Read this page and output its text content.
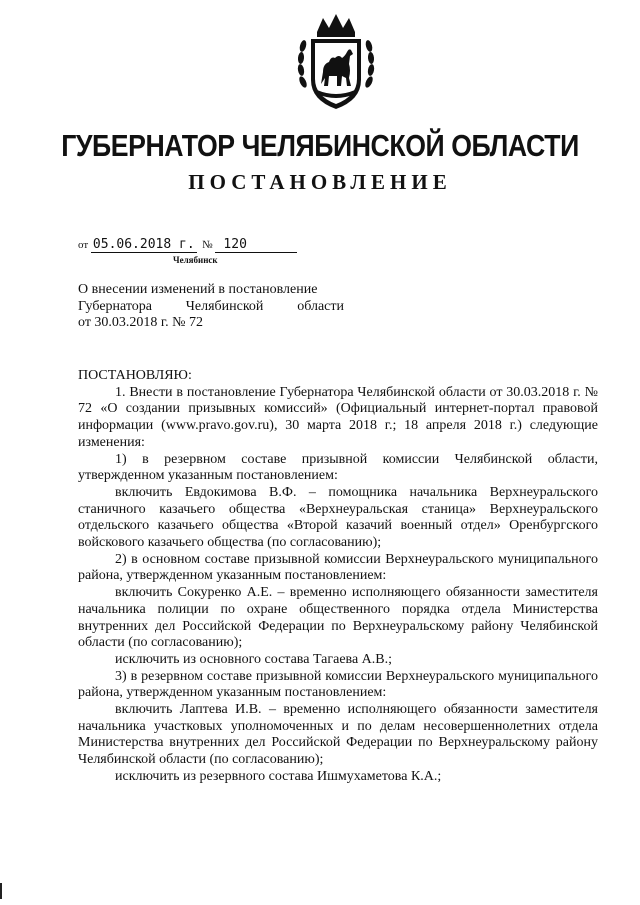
ГУБЕРНАТОР ЧЕЛЯБИНСКОЙ ОБЛАСТИ
ПОСТАНОВЛЕНИЕ
от 05.06.2018 г. № 120
Челябинск
О внесении изменений в постановление
Губернатора Челябинской области
от 30.03.2018 г. № 72

ПОСТАНОВЛЯЮ:

1. Внести в постановление Губернатора Челябинской области от 30.03.2018 г. № 72 «О создании призывных комиссий» (Официальный интернет-портал правовой информации (www.pravo.gov.ru), 30 марта 2018 г.; 18 апреля 2018 г.) следующие изменения:

1) в резервном составе призывной комиссии Челябинской области, утвержденном указанным постановлением:

включить Евдокимова В.Ф. – помощника начальника Верхнеуральского станичного казачьего общества «Верхнеуральская станица» Верхнеуральского отдельского казачьего общества «Второй казачий военный отдел» Оренбургского войскового казачьего общества (по согласованию);

2) в основном составе призывной комиссии Верхнеуральского муниципального района, утвержденном указанным постановлением:

включить Сокуренко А.Е. – временно исполняющего обязанности заместителя начальника полиции по охране общественного порядка отдела Министерства внутренних дел Российской Федерации по Верхнеуральскому району Челябинской области (по согласованию);

исключить из основного состава Тагаева А.В.;

3) в резервном составе призывной комиссии Верхнеуральского муниципального района, утвержденном указанным постановлением:

включить Лаптева И.В. – временно исполняющего обязанности заместителя начальника участковых уполномоченных и по делам несовершеннолетних отдела Министерства внутренних дел Российской Федерации по Верхнеуральскому району Челябинской области (по согласованию);

исключить из резервного состава Ишмухаметова К.А.;
